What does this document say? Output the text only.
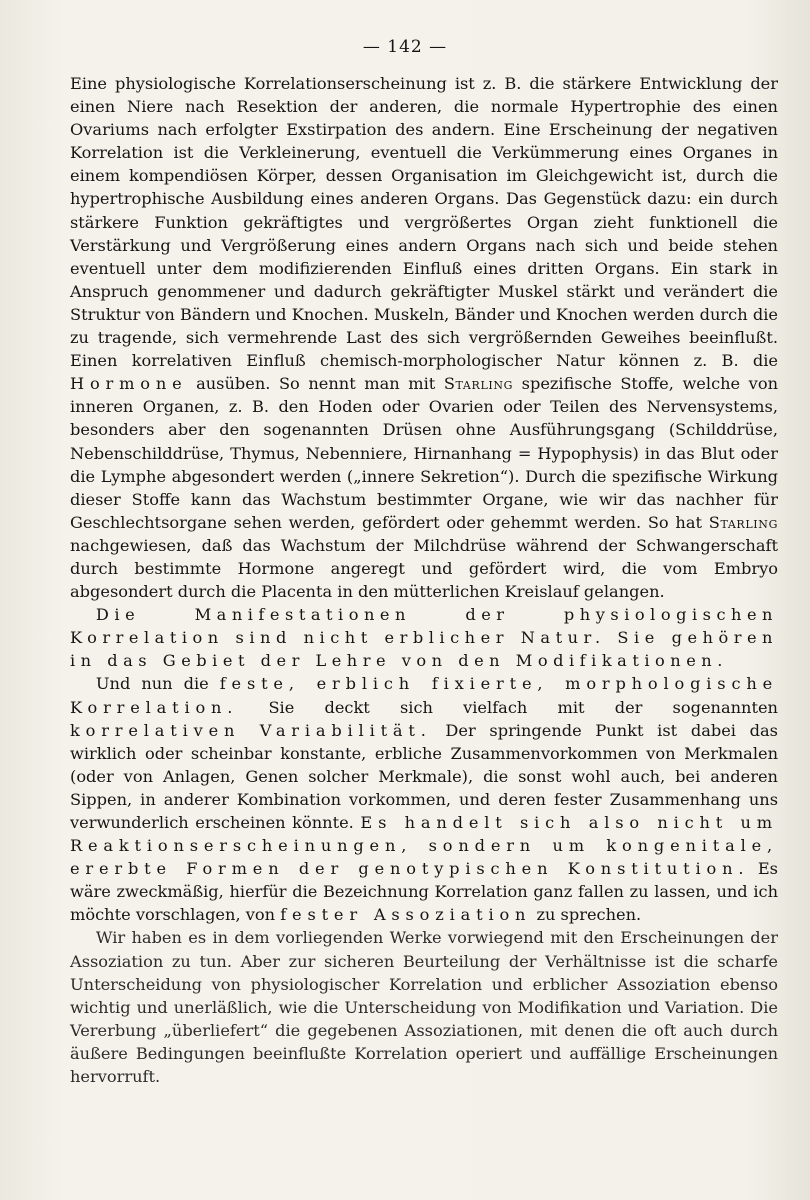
— 142 —

Eine physiologische Korrelationserscheinung ist z. B. die stärkere Entwicklung der einen Niere nach Resektion der anderen, die normale Hypertrophie des einen Ovariums nach erfolgter Exstirpation des andern. Eine Erscheinung der negativen Korrelation ist die Verkleinerung, eventuell die Verkümmerung eines Organes in einem kompendiösen Körper, dessen Organisation im Gleichgewicht ist, durch die hypertrophische Ausbildung eines anderen Organs. Das Gegenstück dazu: ein durch stärkere Funktion gekräftigtes und vergrößertes Organ zieht funktionell die Verstärkung und Vergrößerung eines andern Organs nach sich und beide stehen eventuell unter dem modifizierenden Einfluß eines dritten Organs. Ein stark in Anspruch genommener und dadurch gekräftigter Muskel stärkt und verändert die Struktur von Bändern und Knochen. Muskeln, Bänder und Knochen werden durch die zu tragende, sich vermehrende Last des sich vergrößernden Geweihes beeinflußt. Einen korrelativen Einfluß chemisch-morphologischer Natur können z. B. die Hormone ausüben. So nennt man mit Starling spezifische Stoffe, welche von inneren Organen, z. B. den Hoden oder Ovarien oder Teilen des Nervensystems, besonders aber den sogenannten Drüsen ohne Ausführungsgang (Schilddrüse, Nebenschilddrüse, Thymus, Nebenniere, Hirnanhang = Hypophysis) in das Blut oder die Lymphe abgesondert werden („innere Sekretion“). Durch die spezifische Wirkung dieser Stoffe kann das Wachstum bestimmter Organe, wie wir das nachher für Geschlechtsorgane sehen werden, gefördert oder gehemmt werden. So hat Starling nachgewiesen, daß das Wachstum der Milchdrüse während der Schwangerschaft durch bestimmte Hormone angeregt und gefördert wird, die vom Embryo abgesondert durch die Placenta in den mütterlichen Kreislauf gelangen.

Die Manifestationen der physiologischen Korrelation sind nicht erblicher Natur. Sie gehören in das Gebiet der Lehre von den Modifikationen.

Und nun die feste, erblich fixierte, morphologische Korrelation. Sie deckt sich vielfach mit der sogenannten korrelativen Variabilität. Der springende Punkt ist dabei das wirklich oder scheinbar konstante, erbliche Zusammenvorkommen von Merkmalen (oder von Anlagen, Genen solcher Merkmale), die sonst wohl auch, bei anderen Sippen, in anderer Kombination vorkommen, und deren fester Zusammenhang uns verwunderlich erscheinen könnte. Es handelt sich also nicht um Reaktionserscheinungen, sondern um kongenitale, ererbte Formen der genotypischen Konstitution. Es wäre zweckmäßig, hierfür die Bezeichnung Korrelation ganz fallen zu lassen, und ich möchte vorschlagen, von fester Assoziation zu sprechen.

Wir haben es in dem vorliegenden Werke vorwiegend mit den Erscheinungen der Assoziation zu tun. Aber zur sicheren Beurteilung der Verhältnisse ist die scharfe Unterscheidung von physiologischer Korrelation und erblicher Assoziation ebenso wichtig und unerläßlich, wie die Unterscheidung von Modifikation und Variation. Die Vererbung „überliefert“ die gegebenen Assoziationen, mit denen die oft auch durch äußere Bedingungen beeinflußte Korrelation operiert und auffällige Erscheinungen hervorruft.
